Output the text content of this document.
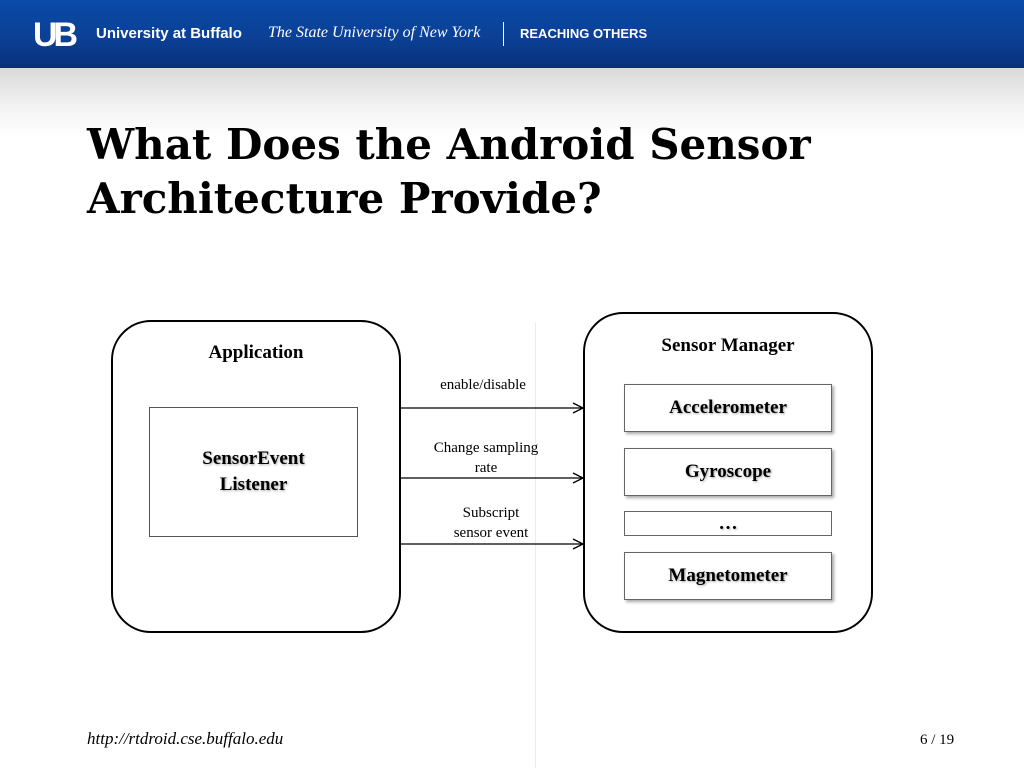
UB University at Buffalo The State University of New York	REACHING OTHERS
What Does the Android Sensor
Architecture Provide?
Application
SensorEvent
Listener
Sensor Manager
Accelerometer
Gyroscope
…
Magnetometer
enable/disable
Change sampling
rate
Subscript
sensor event
http://rtdroid.cse.buffalo.edu	6 / 19
